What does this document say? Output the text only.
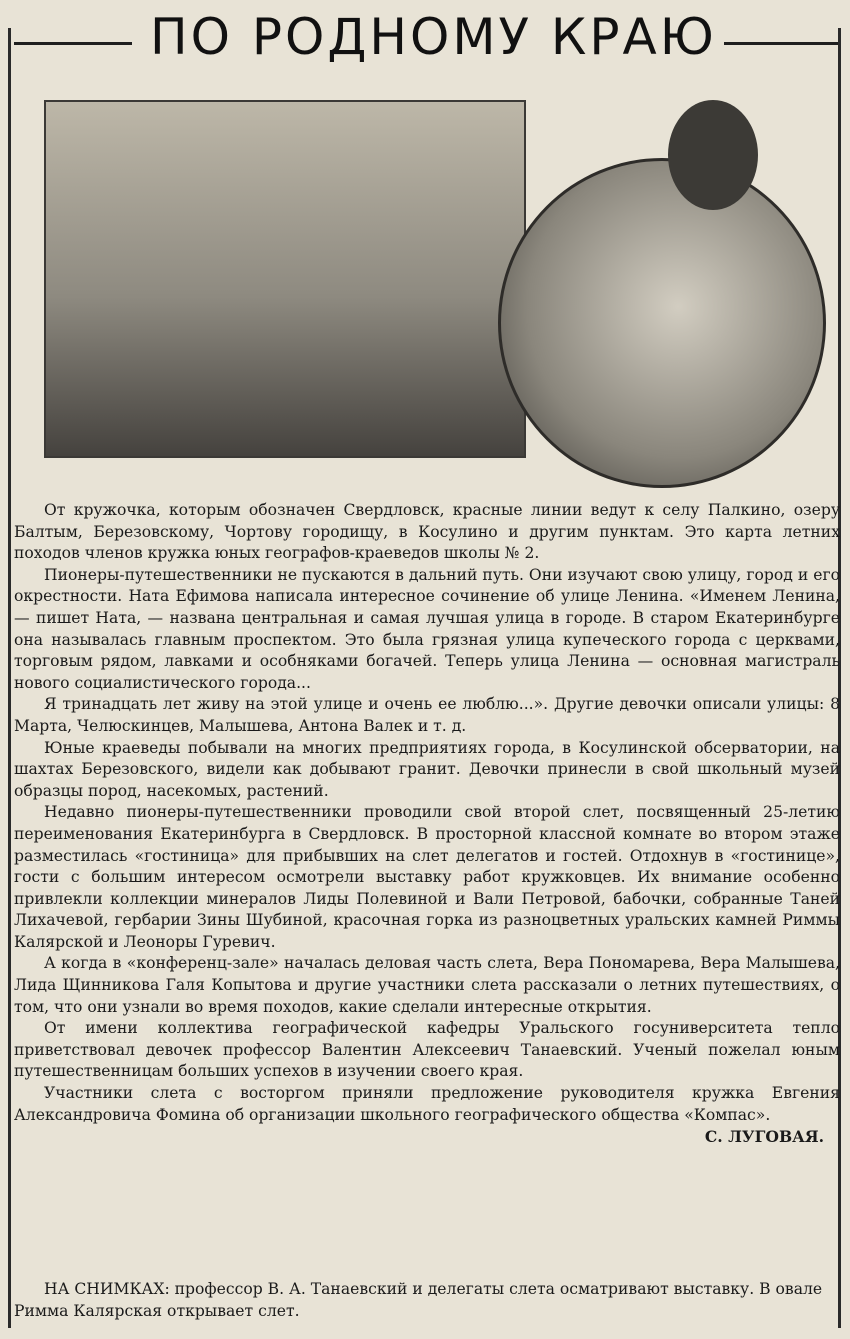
ПО РОДНОМУ КРАЮ

От кружочка, которым обозначен Свердловск, красные линии ведут к селу Палкино, озеру Балтым, Березовскому, Чортову городищу, в Косулино и другим пунктам. Это карта летних походов членов кружка юных географов-краеведов школы № 2.

Пионеры-путешественники не пускаются в дальний путь. Они изучают свою улицу, город и его окрестности. Ната Ефимова написала интересное сочинение об улице Ленина. «Именем Ленина, — пишет Ната, — названа центральная и самая лучшая улица в городе. В старом Екатеринбурге она называлась главным проспектом. Это была грязная улица купеческого города с церквами, торговым рядом, лавками и особняками богачей. Теперь улица Ленина — основная магистраль нового социалистического города...

Я тринадцать лет живу на этой улице и очень ее люблю...». Другие девочки описали улицы: 8 Марта, Челюскинцев, Малышева, Антона Валек и т. д.

Юные краеведы побывали на многих предприятиях города, в Косулинской обсерватории, на шахтах Березовского, видели как добывают гранит. Девочки принесли в свой школьный музей образцы пород, насекомых, растений.

Недавно пионеры-путешественники проводили свой второй слет, посвященный 25-летию переименования Екатеринбурга в Свердловск. В просторной классной комнате во втором этаже разместилась «гостиница» для прибывших на слет делегатов и гостей. Отдохнув в «гостинице», гости с большим интересом осмотрели выставку работ кружковцев. Их внимание особенно привлекли коллекции минералов Лиды Полевиной и Вали Петровой, бабочки, собранные Таней Лихачевой, гербарии Зины Шубиной, красочная горка из разноцветных уральских камней Риммы Калярской и Леоноры Гуревич.

А когда в «конференц-зале» началась деловая часть слета, Вера Пономарева, Вера Малышева, Лида Щинникова Галя Копытова и другие участники слета рассказали о летних путешествиях, о том, что они узнали во время походов, какие сделали интересные открытия.

От имени коллектива географической кафедры Уральского госуниверситета тепло приветствовал девочек профессор Валентин Алексеевич Танаевский. Ученый пожелал юным путешественницам больших успехов в изучении своего края.

Участники слета с восторгом приняли предложение руководителя кружка Евгения Александровича Фомина об организации школьного географического общества «Компас».
С. ЛУГОВАЯ.

НА СНИМКАХ: профессор В. А. Танаевский и делегаты слета осматривают выставку. В овале Римма Калярская открывает слет.
